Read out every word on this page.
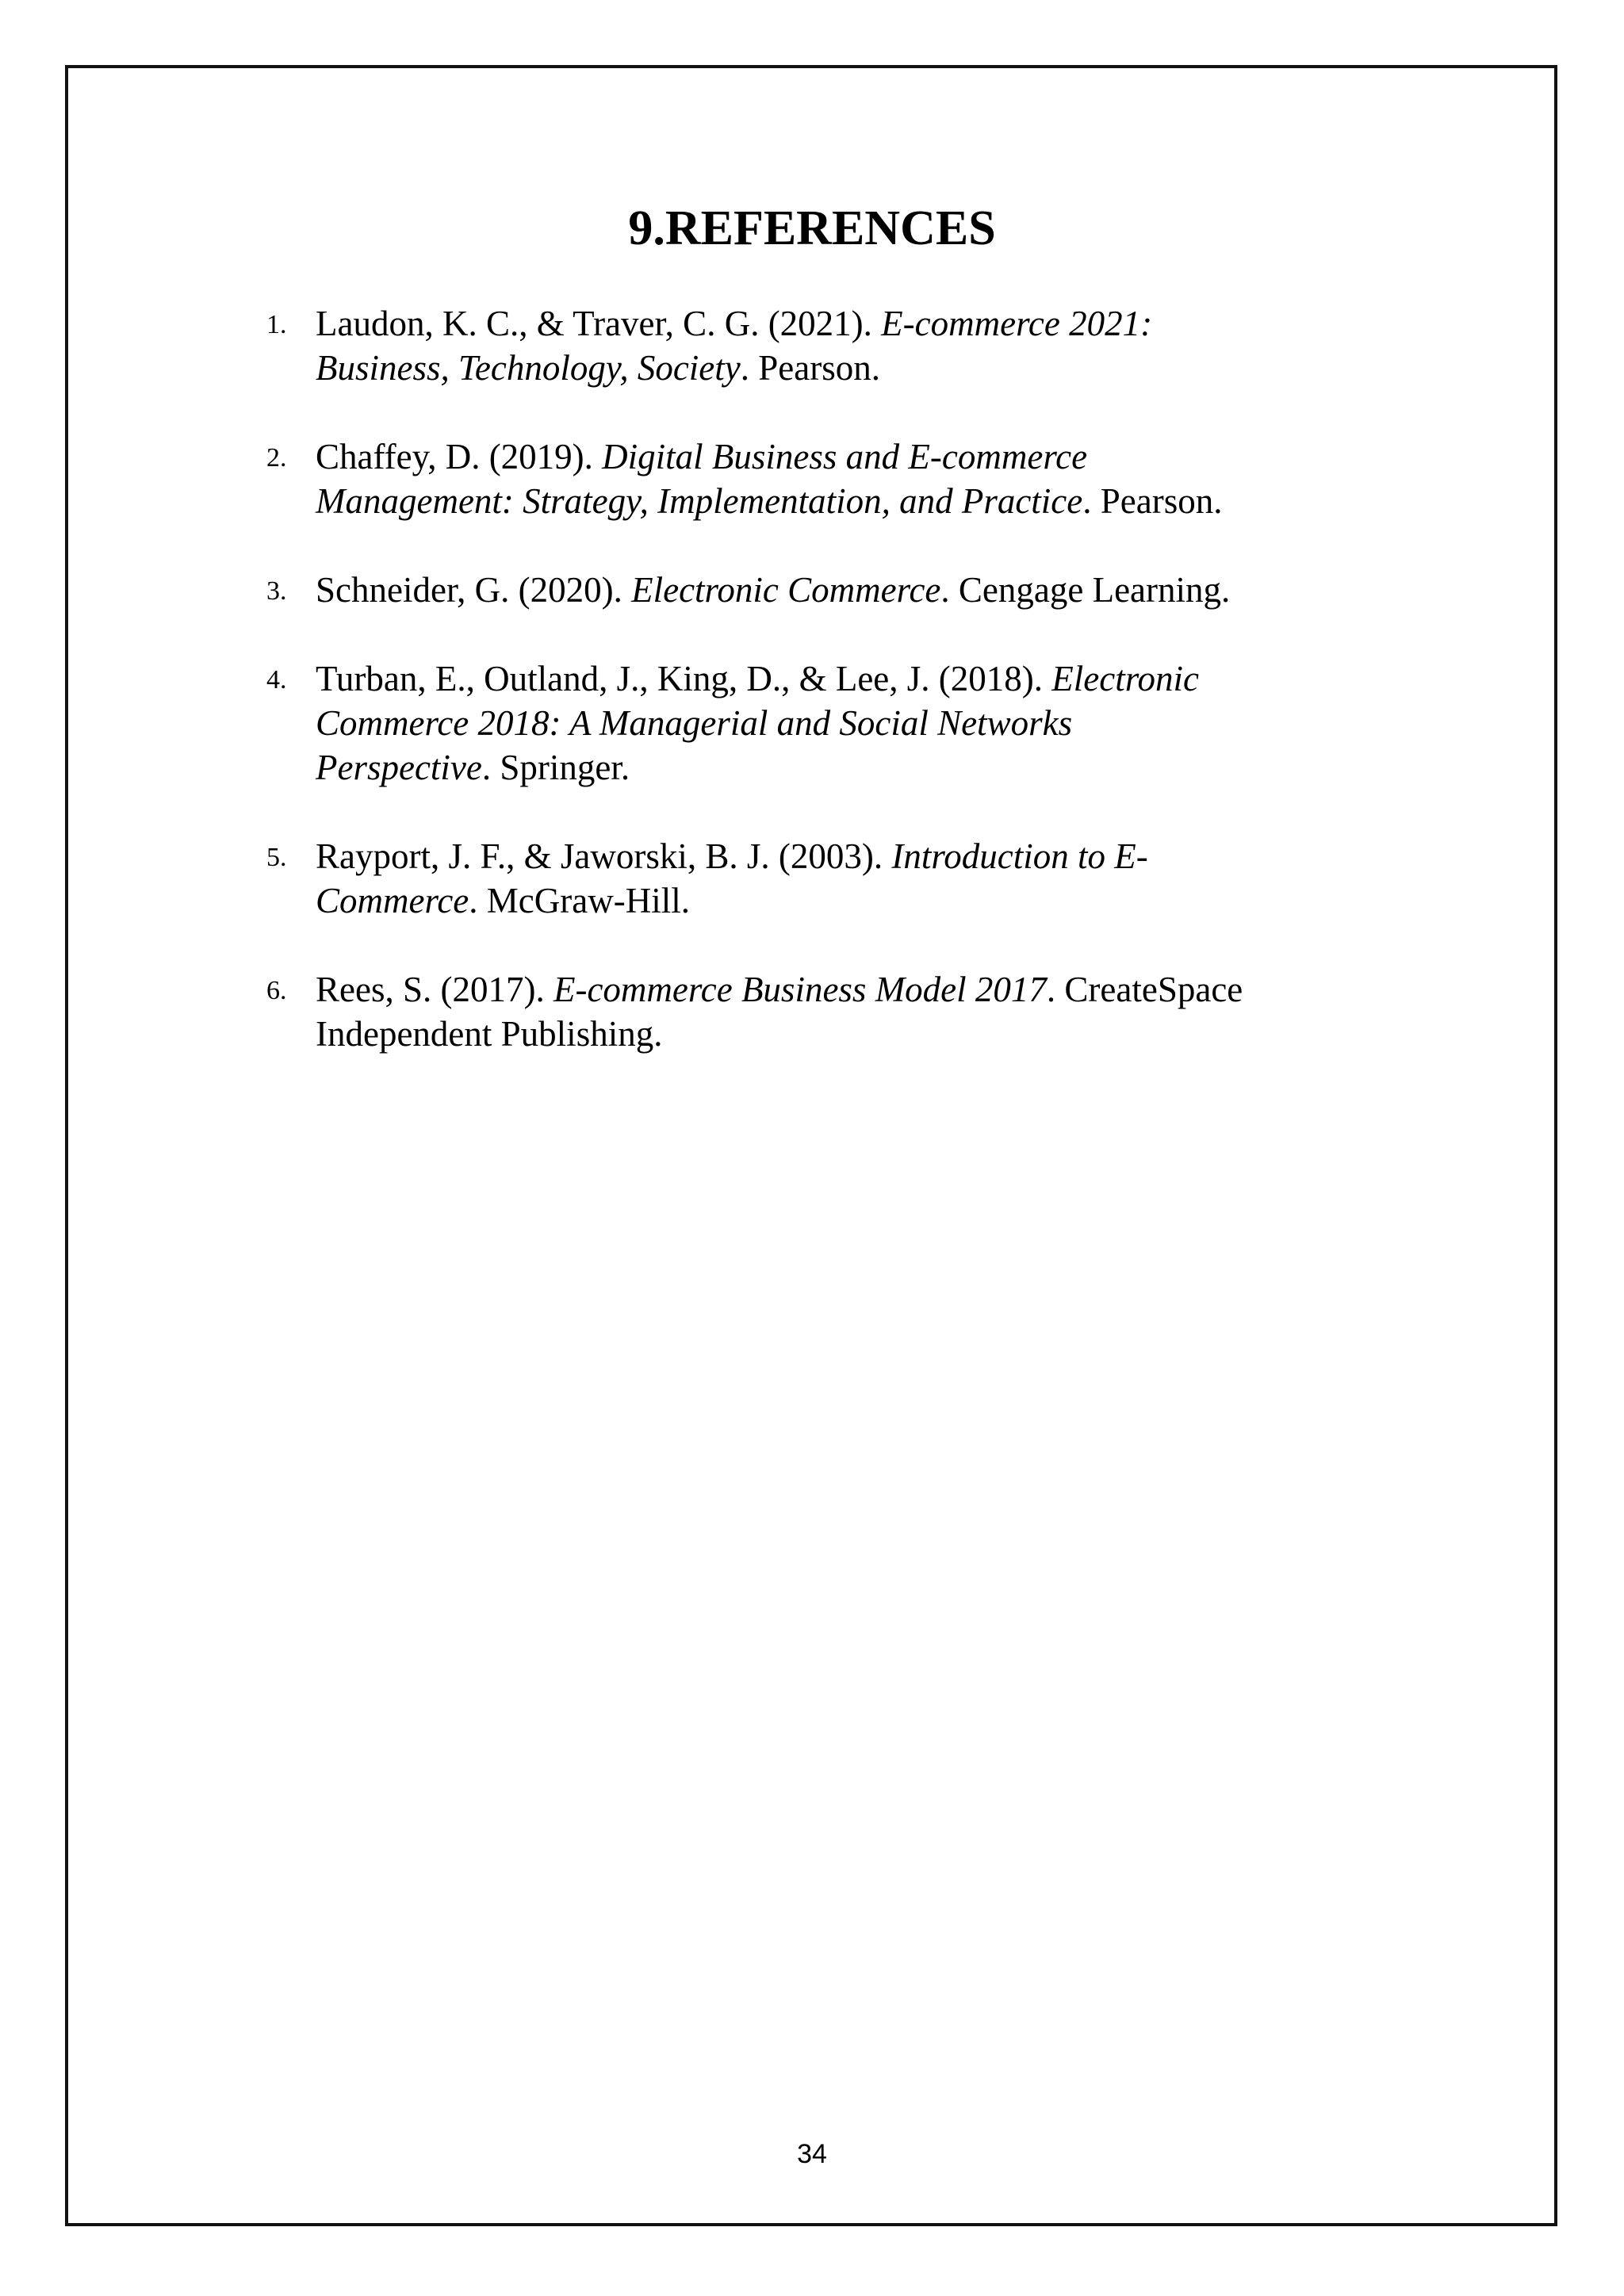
9.REFERENCES
1. Laudon, K. C., & Traver, C. G. (2021). E-commerce 2021:
Business, Technology, Society. Pearson.
2. Chaffey, D. (2019). Digital Business and E-commerce
Management: Strategy, Implementation, and Practice. Pearson.
3. Schneider, G. (2020). Electronic Commerce. Cengage Learning.
4. Turban, E., Outland, J., King, D., & Lee, J. (2018). Electronic
Commerce 2018: A Managerial and Social Networks
Perspective. Springer.
5. Rayport, J. F., & Jaworski, B. J. (2003). Introduction to E-
Commerce. McGraw-Hill.
6. Rees, S. (2017). E-commerce Business Model 2017. CreateSpace
Independent Publishing.
34
